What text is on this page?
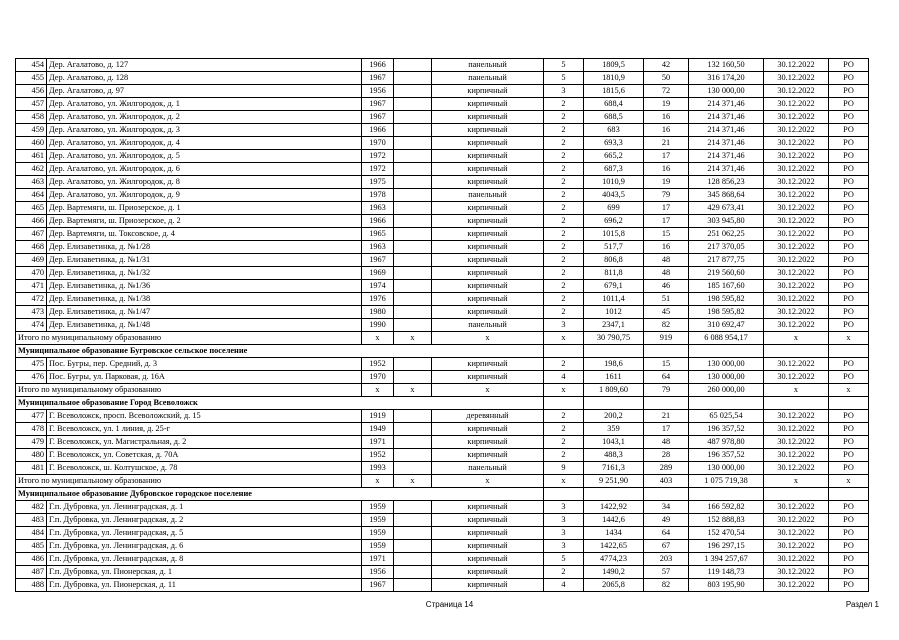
454	Дер. Агалатово, д. 127	1966		панельный	5	1809,5	42	132 160,50	30.12.2022	РО
455	Дер. Агалатово, д. 128	1967		панельный	5	1810,9	50	316 174,20	30.12.2022	РО
456	Дер. Агалатово, д. 97	1956		кирпичный	3	1815,6	72	130 000,00	30.12.2022	РО
457	Дер. Агалатово, ул. Жилгородок, д. 1	1967		кирпичный	2	688,4	19	214 371,46	30.12.2022	РО
458	Дер. Агалатово, ул. Жилгородок, д. 2	1967		кирпичный	2	688,5	16	214 371,46	30.12.2022	РО
459	Дер. Агалатово, ул. Жилгородок, д. 3	1966		кирпичный	2	683	16	214 371,46	30.12.2022	РО
460	Дер. Агалатово, ул. Жилгородок, д. 4	1970		кирпичный	2	693,3	21	214 371,46	30.12.2022	РО
461	Дер. Агалатово, ул. Жилгородок, д. 5	1972		кирпичный	2	665,2	17	214 371,46	30.12.2022	РО
462	Дер. Агалатово, ул. Жилгородок, д. 6	1972		кирпичный	2	687,3	16	214 371,46	30.12.2022	РО
463	Дер. Агалатово, ул. Жилгородок, д. 8	1975		кирпичный	2	1010,9	19	128 856,23	30.12.2022	РО
464	Дер. Агалатово, ул. Жилгородок, д. 9	1978		панельный	2	4043,5	79	345 868,64	30.12.2022	РО
465	Дер. Вартемяги, ш. Приозерское, д. 1	1963		кирпичный	2	699	17	429 673,41	30.12.2022	РО
466	Дер. Вартемяги, ш. Приозерское, д. 2	1966		кирпичный	2	696,2	17	303 945,80	30.12.2022	РО
467	Дер. Вартемяги, ш. Токсовское, д. 4	1965		кирпичный	2	1015,8	15	251 062,25	30.12.2022	РО
468	Дер. Елизаветинка, д. №1/28	1963		кирпичный	2	517,7	16	217 370,05	30.12.2022	РО
469	Дер. Елизаветинка, д. №1/31	1967		кирпичный	2	806,8	48	217 877,75	30.12.2022	РО
470	Дер. Елизаветинка, д. №1/32	1969		кирпичный	2	811,8	48	219 560,60	30.12.2022	РО
471	Дер. Елизаветинка, д. №1/36	1974		кирпичный	2	679,1	46	185 167,60	30.12.2022	РО
472	Дер. Елизаветинка, д. №1/38	1976		кирпичный	2	1011,4	51	198 595,82	30.12.2022	РО
473	Дер. Елизаветинка, д. №1/47	1980		кирпичный	2	1012	45	198 595,82	30.12.2022	РО
474	Дер. Елизаветинка, д. №1/48	1990		панельный	3	2347,1	82	310 692,47	30.12.2022	РО
Итого по муниципальному образованию		x	x	x	x	30 790,75	919	6 088 954,17	x	x
Муниципальное образование Бугровское сельское поселение										
475	Пос. Бугры, пер. Средний, д. 3	1952		кирпичный	2	198,6	15	130 000,00	30.12.2022	РО
476	Пос. Бугры, ул. Парковая, д. 16А	1970		кирпичный	4	1611	64	130 000,00	30.12.2022	РО
Итого по муниципальному образованию		x	x	x	x	1 809,60	79	260 000,00	x	x
Муниципальное образование Город Всеволожск										
477	Г. Всеволожск, просп. Всеволожский, д. 15	1919		деревянный	2	200,2	21	65 025,54	30.12.2022	РО
478	Г. Всеволожск, ул. 1 линия, д. 25-г	1949		кирпичный	2	359	17	196 357,52	30.12.2022	РО
479	Г. Всеволожск, ул. Магистральная, д. 2	1971		кирпичный	2	1043,1	48	487 978,80	30.12.2022	РО
480	Г. Всеволожск, ул. Советская, д. 70А	1952		кирпичный	2	488,3	28	196 357,52	30.12.2022	РО
481	Г. Всеволожск, ш. Колтушское, д. 78	1993		панельный	9	7161,3	289	130 000,00	30.12.2022	РО
Итого по муниципальному образованию		x	x	x	x	9 251,90	403	1 075 719,38	x	x
Муниципальное образование Дубровское городское поселение										
482	Г.п. Дубровка, ул. Ленинградская, д. 1	1959		кирпичный	3	1422,92	34	166 592,82	30.12.2022	РО
483	Г.п. Дубровка, ул. Ленинградская, д. 2	1959		кирпичный	3	1442,6	49	152 888,83	30.12.2022	РО
484	Г.п. Дубровка, ул. Ленинградская, д. 5	1959		кирпичный	3	1434	64	152 470,54	30.12.2022	РО
485	Г.п. Дубровка, ул. Ленинградская, д. 6	1959		кирпичный	3	1422,65	67	196 297,15	30.12.2022	РО
486	Г.п. Дубровка, ул. Ленинградская, д. 8	1971		кирпичный	5	4774,23	203	1 394 257,67	30.12.2022	РО
487	Г.п. Дубровка, ул. Пионерская, д. 1	1956		кирпичный	2	1490,2	57	119 148,73	30.12.2022	РО
488	Г.п. Дубровка, ул. Пионерская, д. 11	1967		кирпичный	4	2065,8	82	803 195,90	30.12.2022	РО
Страница 14	Раздел 1
